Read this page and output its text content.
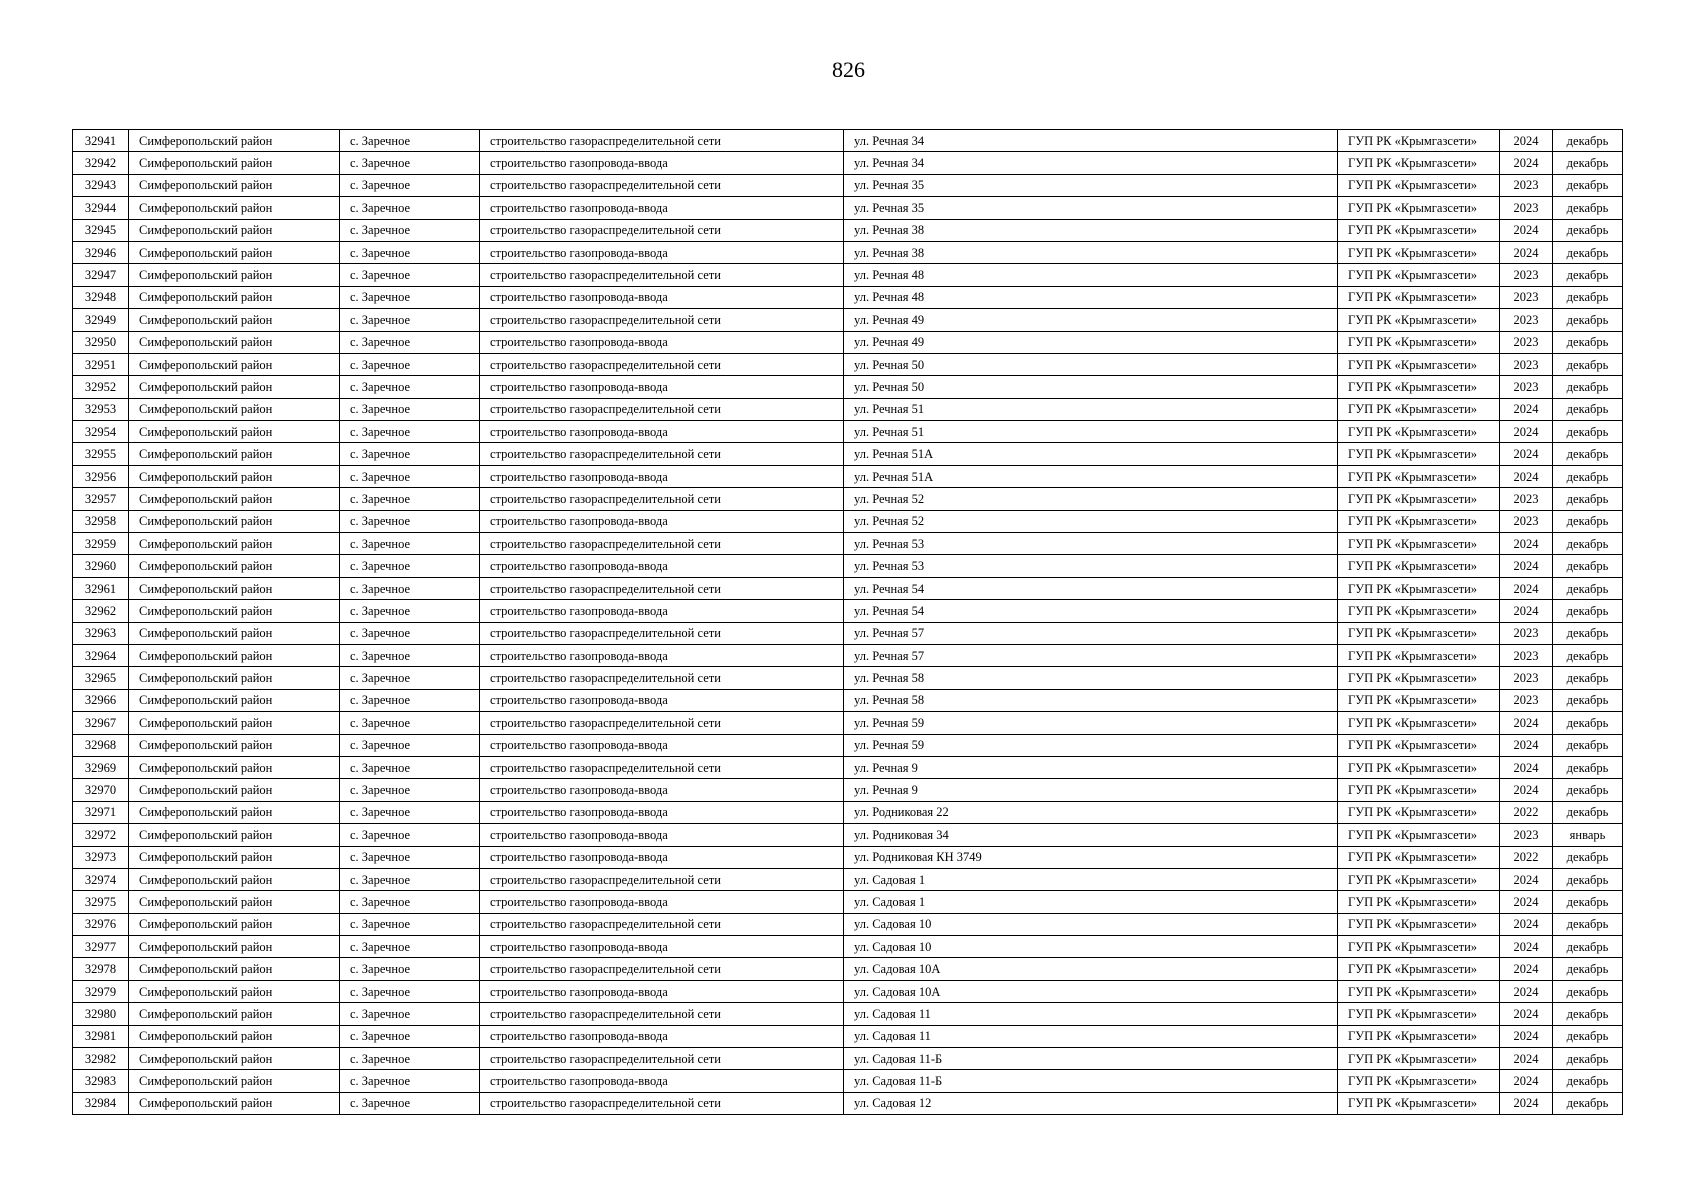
826
32941	Симферопольский район	с. Заречное	строительство газораспределительной сети	ул. Речная 34	ГУП РК «Крымгазсети»	2024	декабрь
32942	Симферопольский район	с. Заречное	строительство газопровода-ввода	ул. Речная 34	ГУП РК «Крымгазсети»	2024	декабрь
32943	Симферопольский район	с. Заречное	строительство газораспределительной сети	ул. Речная 35	ГУП РК «Крымгазсети»	2023	декабрь
32944	Симферопольский район	с. Заречное	строительство газопровода-ввода	ул. Речная 35	ГУП РК «Крымгазсети»	2023	декабрь
32945	Симферопольский район	с. Заречное	строительство газораспределительной сети	ул. Речная 38	ГУП РК «Крымгазсети»	2024	декабрь
32946	Симферопольский район	с. Заречное	строительство газопровода-ввода	ул. Речная 38	ГУП РК «Крымгазсети»	2024	декабрь
32947	Симферопольский район	с. Заречное	строительство газораспределительной сети	ул. Речная 48	ГУП РК «Крымгазсети»	2023	декабрь
32948	Симферопольский район	с. Заречное	строительство газопровода-ввода	ул. Речная 48	ГУП РК «Крымгазсети»	2023	декабрь
32949	Симферопольский район	с. Заречное	строительство газораспределительной сети	ул. Речная 49	ГУП РК «Крымгазсети»	2023	декабрь
32950	Симферопольский район	с. Заречное	строительство газопровода-ввода	ул. Речная 49	ГУП РК «Крымгазсети»	2023	декабрь
32951	Симферопольский район	с. Заречное	строительство газораспределительной сети	ул. Речная 50	ГУП РК «Крымгазсети»	2023	декабрь
32952	Симферопольский район	с. Заречное	строительство газопровода-ввода	ул. Речная 50	ГУП РК «Крымгазсети»	2023	декабрь
32953	Симферопольский район	с. Заречное	строительство газораспределительной сети	ул. Речная 51	ГУП РК «Крымгазсети»	2024	декабрь
32954	Симферопольский район	с. Заречное	строительство газопровода-ввода	ул. Речная 51	ГУП РК «Крымгазсети»	2024	декабрь
32955	Симферопольский район	с. Заречное	строительство газораспределительной сети	ул. Речная 51А	ГУП РК «Крымгазсети»	2024	декабрь
32956	Симферопольский район	с. Заречное	строительство газопровода-ввода	ул. Речная 51А	ГУП РК «Крымгазсети»	2024	декабрь
32957	Симферопольский район	с. Заречное	строительство газораспределительной сети	ул. Речная 52	ГУП РК «Крымгазсети»	2023	декабрь
32958	Симферопольский район	с. Заречное	строительство газопровода-ввода	ул. Речная 52	ГУП РК «Крымгазсети»	2023	декабрь
32959	Симферопольский район	с. Заречное	строительство газораспределительной сети	ул. Речная 53	ГУП РК «Крымгазсети»	2024	декабрь
32960	Симферопольский район	с. Заречное	строительство газопровода-ввода	ул. Речная 53	ГУП РК «Крымгазсети»	2024	декабрь
32961	Симферопольский район	с. Заречное	строительство газораспределительной сети	ул. Речная 54	ГУП РК «Крымгазсети»	2024	декабрь
32962	Симферопольский район	с. Заречное	строительство газопровода-ввода	ул. Речная 54	ГУП РК «Крымгазсети»	2024	декабрь
32963	Симферопольский район	с. Заречное	строительство газораспределительной сети	ул. Речная 57	ГУП РК «Крымгазсети»	2023	декабрь
32964	Симферопольский район	с. Заречное	строительство газопровода-ввода	ул. Речная 57	ГУП РК «Крымгазсети»	2023	декабрь
32965	Симферопольский район	с. Заречное	строительство газораспределительной сети	ул. Речная 58	ГУП РК «Крымгазсети»	2023	декабрь
32966	Симферопольский район	с. Заречное	строительство газопровода-ввода	ул. Речная 58	ГУП РК «Крымгазсети»	2023	декабрь
32967	Симферопольский район	с. Заречное	строительство газораспределительной сети	ул. Речная 59	ГУП РК «Крымгазсети»	2024	декабрь
32968	Симферопольский район	с. Заречное	строительство газопровода-ввода	ул. Речная 59	ГУП РК «Крымгазсети»	2024	декабрь
32969	Симферопольский район	с. Заречное	строительство газораспределительной сети	ул. Речная 9	ГУП РК «Крымгазсети»	2024	декабрь
32970	Симферопольский район	с. Заречное	строительство газопровода-ввода	ул. Речная 9	ГУП РК «Крымгазсети»	2024	декабрь
32971	Симферопольский район	с. Заречное	строительство газопровода-ввода	ул. Родниковая 22	ГУП РК «Крымгазсети»	2022	декабрь
32972	Симферопольский район	с. Заречное	строительство газопровода-ввода	ул. Родниковая 34	ГУП РК «Крымгазсети»	2023	январь
32973	Симферопольский район	с. Заречное	строительство газопровода-ввода	ул. Родниковая КН 3749	ГУП РК «Крымгазсети»	2022	декабрь
32974	Симферопольский район	с. Заречное	строительство газораспределительной сети	ул. Садовая 1	ГУП РК «Крымгазсети»	2024	декабрь
32975	Симферопольский район	с. Заречное	строительство газопровода-ввода	ул. Садовая 1	ГУП РК «Крымгазсети»	2024	декабрь
32976	Симферопольский район	с. Заречное	строительство газораспределительной сети	ул. Садовая 10	ГУП РК «Крымгазсети»	2024	декабрь
32977	Симферопольский район	с. Заречное	строительство газопровода-ввода	ул. Садовая 10	ГУП РК «Крымгазсети»	2024	декабрь
32978	Симферопольский район	с. Заречное	строительство газораспределительной сети	ул. Садовая 10А	ГУП РК «Крымгазсети»	2024	декабрь
32979	Симферопольский район	с. Заречное	строительство газопровода-ввода	ул. Садовая 10А	ГУП РК «Крымгазсети»	2024	декабрь
32980	Симферопольский район	с. Заречное	строительство газораспределительной сети	ул. Садовая 11	ГУП РК «Крымгазсети»	2024	декабрь
32981	Симферопольский район	с. Заречное	строительство газопровода-ввода	ул. Садовая 11	ГУП РК «Крымгазсети»	2024	декабрь
32982	Симферопольский район	с. Заречное	строительство газораспределительной сети	ул. Садовая 11-Б	ГУП РК «Крымгазсети»	2024	декабрь
32983	Симферопольский район	с. Заречное	строительство газопровода-ввода	ул. Садовая 11-Б	ГУП РК «Крымгазсети»	2024	декабрь
32984	Симферопольский район	с. Заречное	строительство газораспределительной сети	ул. Садовая 12	ГУП РК «Крымгазсети»	2024	декабрь
